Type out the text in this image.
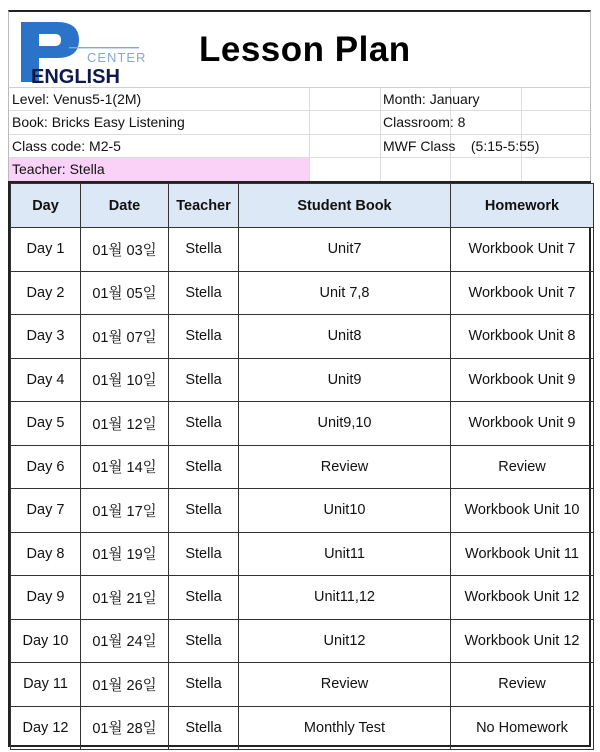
CENTER
ENGLISH
Lesson Plan
Level: Venus5-1(2M)	Month: January
Book: Bricks Easy Listening	Classroom: 8
Class code: M2-5	MWF Class    (5:15-5:55)
Teacher: Stella
Day	Date	Teacher	Student Book	Homework
Day 1	01월 03일	Stella	Unit7	Workbook Unit 7
Day 2	01월 05일	Stella	Unit 7,8	Workbook Unit 7
Day 3	01월 07일	Stella	Unit8	Workbook Unit 8
Day 4	01월 10일	Stella	Unit9	Workbook Unit 9
Day 5	01월 12일	Stella	Unit9,10	Workbook Unit 9
Day 6	01월 14일	Stella	Review	Review
Day 7	01월 17일	Stella	Unit10	Workbook Unit 10
Day 8	01월 19일	Stella	Unit11	Workbook Unit 11
Day 9	01월 21일	Stella	Unit11,12	Workbook Unit 12
Day 10	01월 24일	Stella	Unit12	Workbook Unit 12
Day 11	01월 26일	Stella	Review	Review
Day 12	01월 28일	Stella	Monthly Test	No Homework
